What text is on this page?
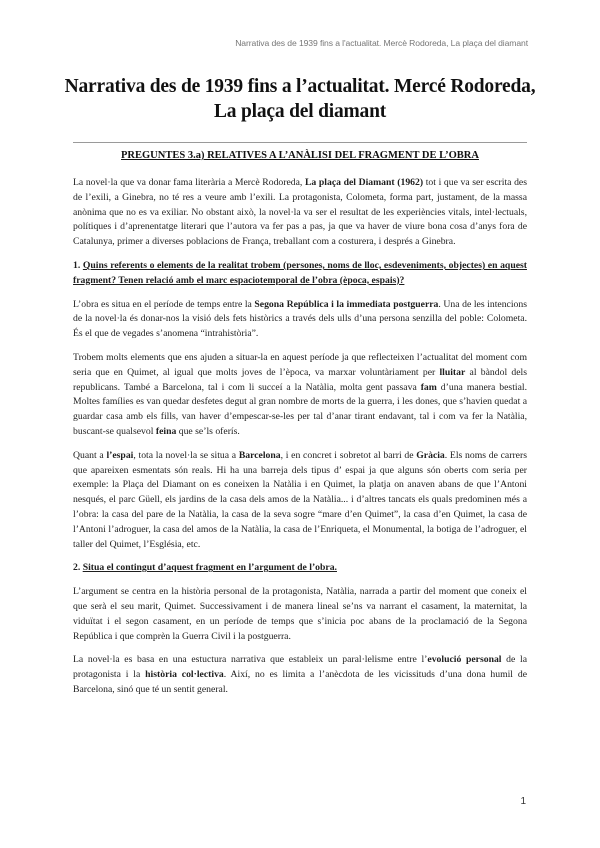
Narrativa des de 1939 fins a l'actualitat. Mercè Rodoreda, La plaça del diamant
Narrativa des de 1939 fins a l’actualitat. Mercé Rodoreda,
La plaça del diamant
PREGUNTES 3.a) RELATIVES A L’ANÀLISI DEL FRAGMENT DE L’OBRA

La novel·la que va donar fama literària a Mercè Rodoreda, La plaça del Diamant (1962) tot i que va ser escrita des de l’exili, a Ginebra, no té res a veure amb l’exili. La protagonista, Colometa, forma part, justament, de la massa anònima que no es va exiliar. No obstant això, la novel·la va ser el resultat de les experiències vitals, intel·lectuals, polítiques i d’aprenentatge literari que l’autora va fer pas a pas, ja que va haver de viure bona cosa d’anys fora de Catalunya, primer a diverses poblacions de França, treballant com a costurera, i després a Ginebra.

1. Quins referents o elements de la realitat trobem (persones, noms de lloc, esdeveniments, objectes) en aquest fragment? Tenen relació amb el marc espaciotemporal de l’obra (època, espais)?

L’obra es situa en el període de temps entre la Segona República i la immediata postguerra. Una de les intencions de la novel·la és donar-nos la visió dels fets històrics a través dels ulls d’una persona senzilla del poble: Colometa. És el que de vegades s’anomena “intrahistòria”.

Trobem molts elements que ens ajuden a situar-la en aquest període ja que reflecteixen l’actualitat del moment com seria que en Quimet, al igual que molts joves de l’època, va marxar voluntàriament per lluitar al bàndol dels republicans. També a Barcelona, tal i com li succeí a la Natàlia, molta gent passava fam d’una manera bestial. Moltes famílies es van quedar desfetes degut al gran nombre de morts de la guerra, i les dones, que s’havien quedat a guardar casa amb els fills, van haver d’empescar-se-les per tal d’anar tirant endavant, tal i com va fer la Natàlia, buscant-se qualsevol feina que se’ls oferís.

Quant a l’espai, tota la novel·la se situa a Barcelona, i en concret i sobretot al barri de Gràcia. Els noms de carrers que apareixen esmentats són reals. Hi ha una barreja dels tipus d’ espai ja que alguns són oberts com seria per exemple: la Plaça del Diamant on es coneixen la Natàlia i en Quimet, la platja on anaven abans de que l’Antoni nesqués, el parc Güell, els jardins de la casa dels amos de la Natàlia... i d’altres tancats els quals predominen més a l’obra: la casa del pare de la Natàlia, la casa de la seva sogre “mare d’en Quimet”, la casa d’en Quimet, la casa de l’Antoni l’adroguer, la casa del amos de la Natàlia, la casa de l’Enriqueta, el Monumental, la botiga de l’adroguer, el taller del Quimet, l’Església, etc.

2. Situa el contingut d’aquest fragment en l’argument de l’obra.

L’argument se centra en la història personal de la protagonista, Natàlia, narrada a partir del moment que coneix el que serà el seu marit, Quimet. Successivament i de manera lineal se’ns va narrant el casament, la maternitat, la viduïtat i el segon casament, en un període de temps que s’inicia poc abans de la proclamació de la Segona República i que comprèn la Guerra Civil i la postguerra.

La novel·la es basa en una estuctura narrativa que estableix un paral·lelisme entre l’evolució personal de la protagonista i la història col·lectiva. Així, no es limita a l’anècdota de les vicissituds d’una dona humil de Barcelona, sinó que té un sentit general.

1
